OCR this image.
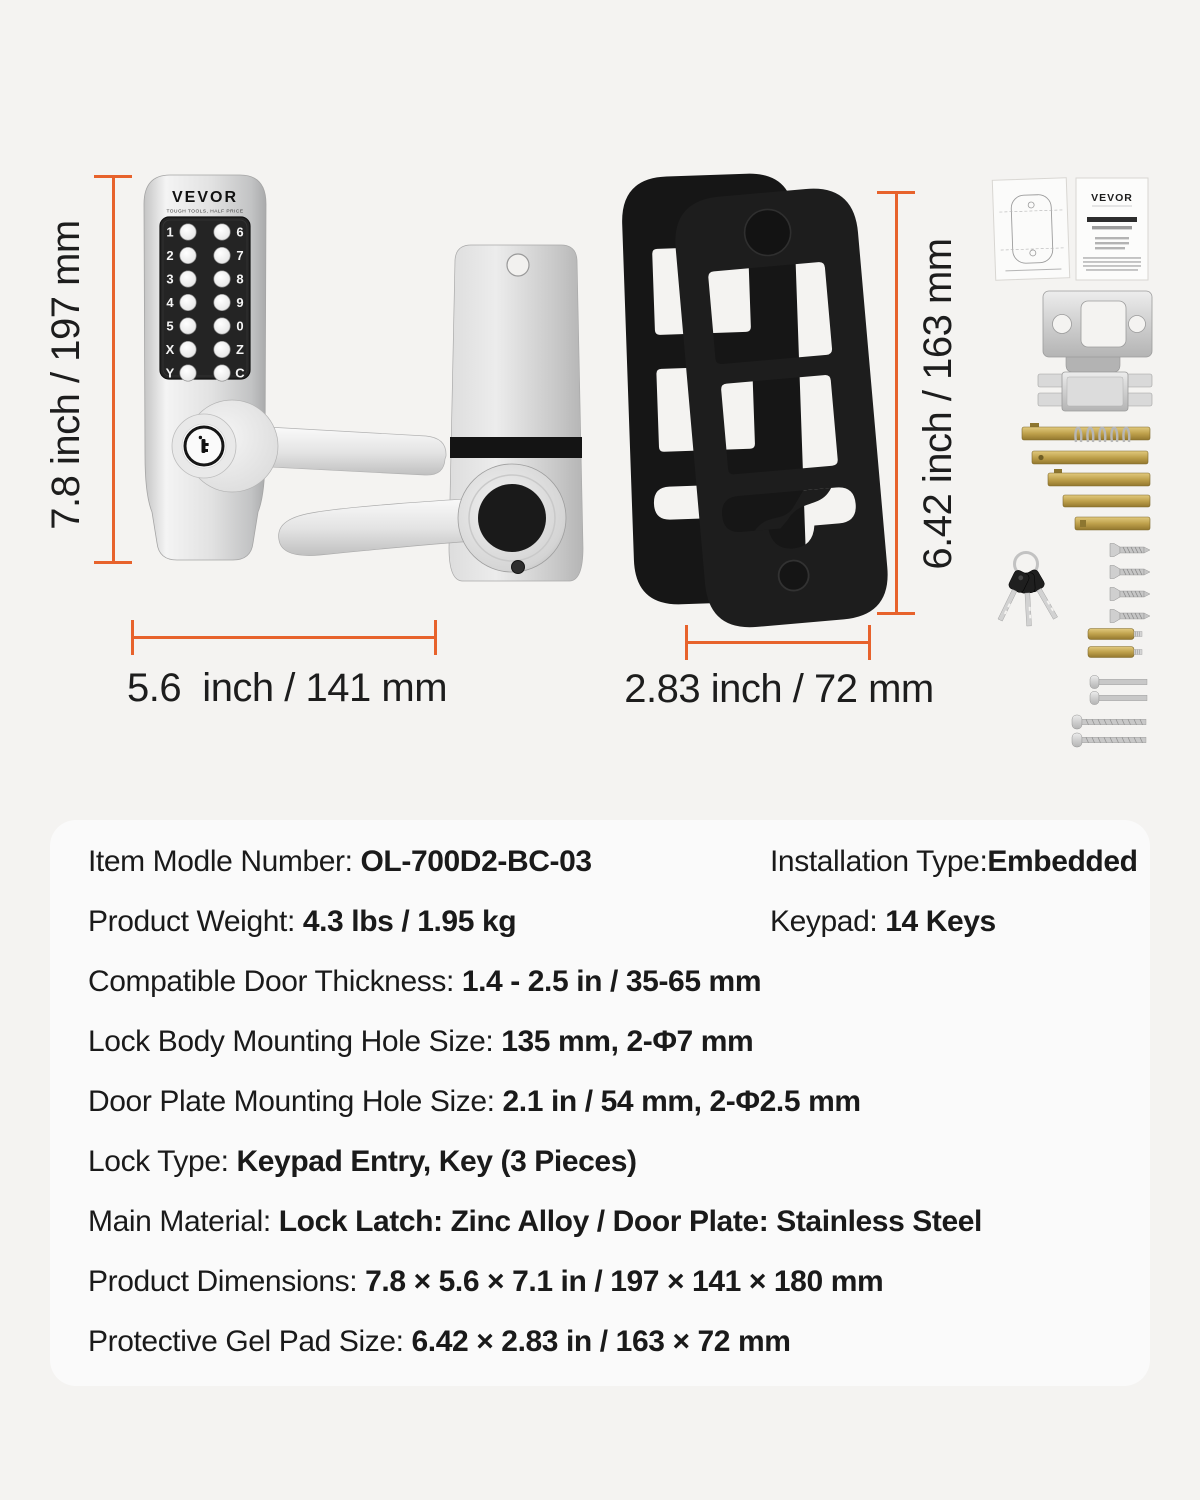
VEVOR
TOUGH TOOLS, HALF PRICE
1
2
3
4
5
X
Y
6
7
8
9
0
Z
C
VEVOR
7.8 inch / 197 mm
5.6  inch / 141 mm
6.42 inch / 163 mm
2.83 inch / 72 mm
Item Modle Number: OL-700D2-BC-03	Installation Type:Embedded
Product Weight: 4.3 lbs / 1.95 kg	Keypad: 14 Keys
Compatible Door Thickness: 1.4 - 2.5 in / 35-65 mm
Lock Body Mounting Hole Size: 135 mm, 2-Φ7 mm
Door Plate Mounting Hole Size: 2.1 in / 54 mm, 2-Φ2.5 mm
Lock Type: Keypad Entry, Key (3 Pieces)
Main Material: Lock Latch: Zinc Alloy / Door Plate: Stainless Steel
Product Dimensions: 7.8 × 5.6 × 7.1 in / 197 × 141 × 180 mm
Protective Gel Pad Size: 6.42 × 2.83 in / 163 × 72 mm
